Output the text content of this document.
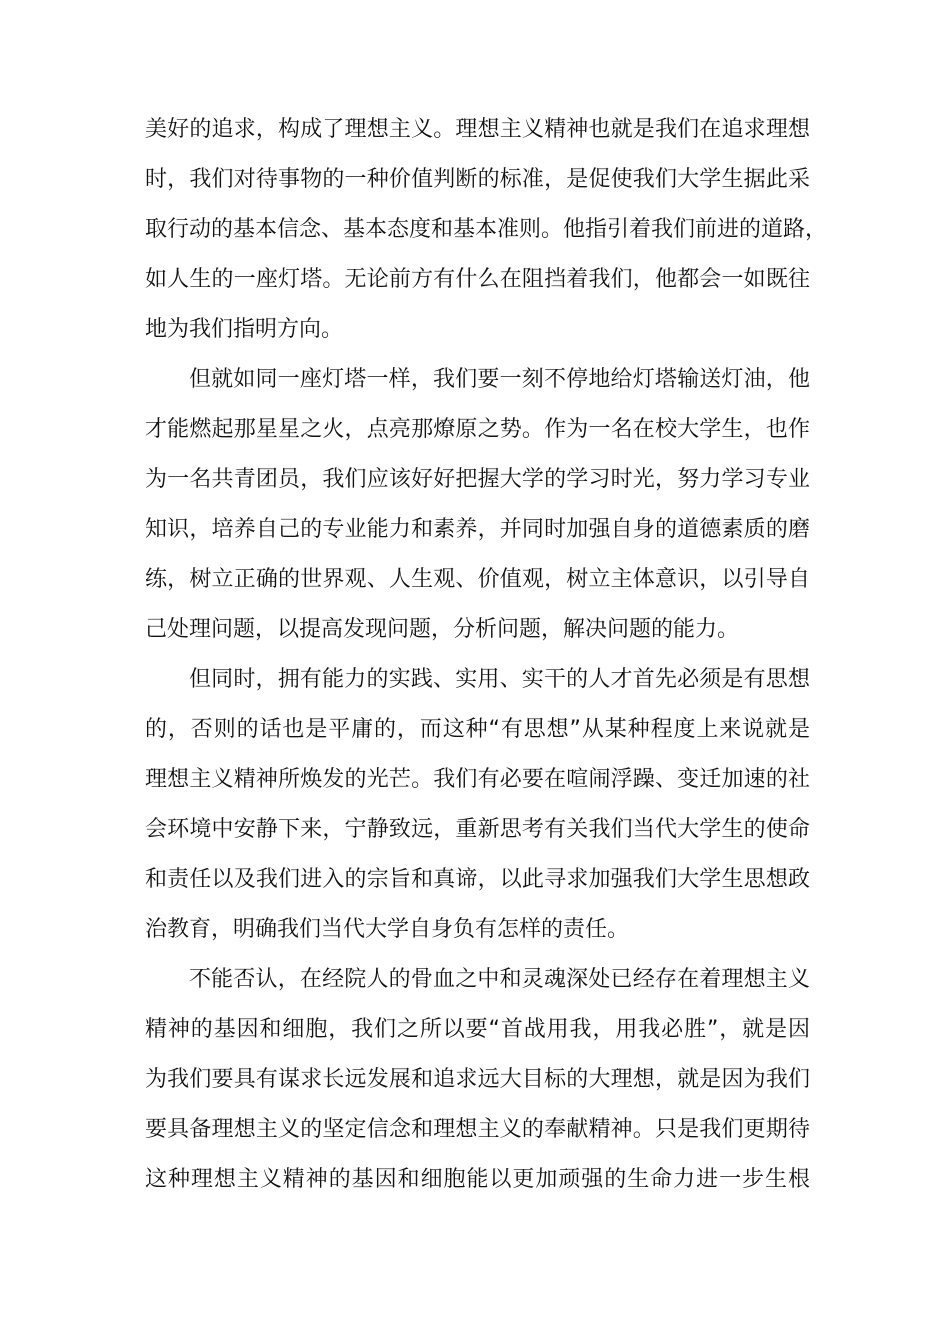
美好的追求，构成了理想主义。理想主义精神也就是我们在追求理想
时，我们对待事物的一种价值判断的标准，是促使我们大学生据此采
取行动的基本信念、基本态度和基本准则。他指引着我们前进的道路，
如人生的一座灯塔。无论前方有什么在阻挡着我们，他都会一如既往
地为我们指明方向。
但就如同一座灯塔一样，我们要一刻不停地给灯塔输送灯油，他
才能燃起那星星之火，点亮那燎原之势。作为一名在校大学生，也作
为一名共青团员，我们应该好好把握大学的学习时光，努力学习专业
知识，培养自己的专业能力和素养，并同时加强自身的道德素质的磨
练，树立正确的世界观、人生观、价值观，树立主体意识，以引导自
己处理问题，以提高发现问题，分析问题，解决问题的能力。
但同时，拥有能力的实践、实用、实干的人才首先必须是有思想
的，否则的话也是平庸的，而这种“有思想”从某种程度上来说就是
理想主义精神所焕发的光芒。我们有必要在喧闹浮躁、变迁加速的社
会环境中安静下来，宁静致远，重新思考有关我们当代大学生的使命
和责任以及我们进入的宗旨和真谛，以此寻求加强我们大学生思想政
治教育，明确我们当代大学自身负有怎样的责任。
不能否认，在经院人的骨血之中和灵魂深处已经存在着理想主义
精神的基因和细胞，我们之所以要“首战用我，用我必胜”，就是因
为我们要具有谋求长远发展和追求远大目标的大理想，就是因为我们
要具备理想主义的坚定信念和理想主义的奉献精神。只是我们更期待
这种理想主义精神的基因和细胞能以更加顽强的生命力进一步生根
